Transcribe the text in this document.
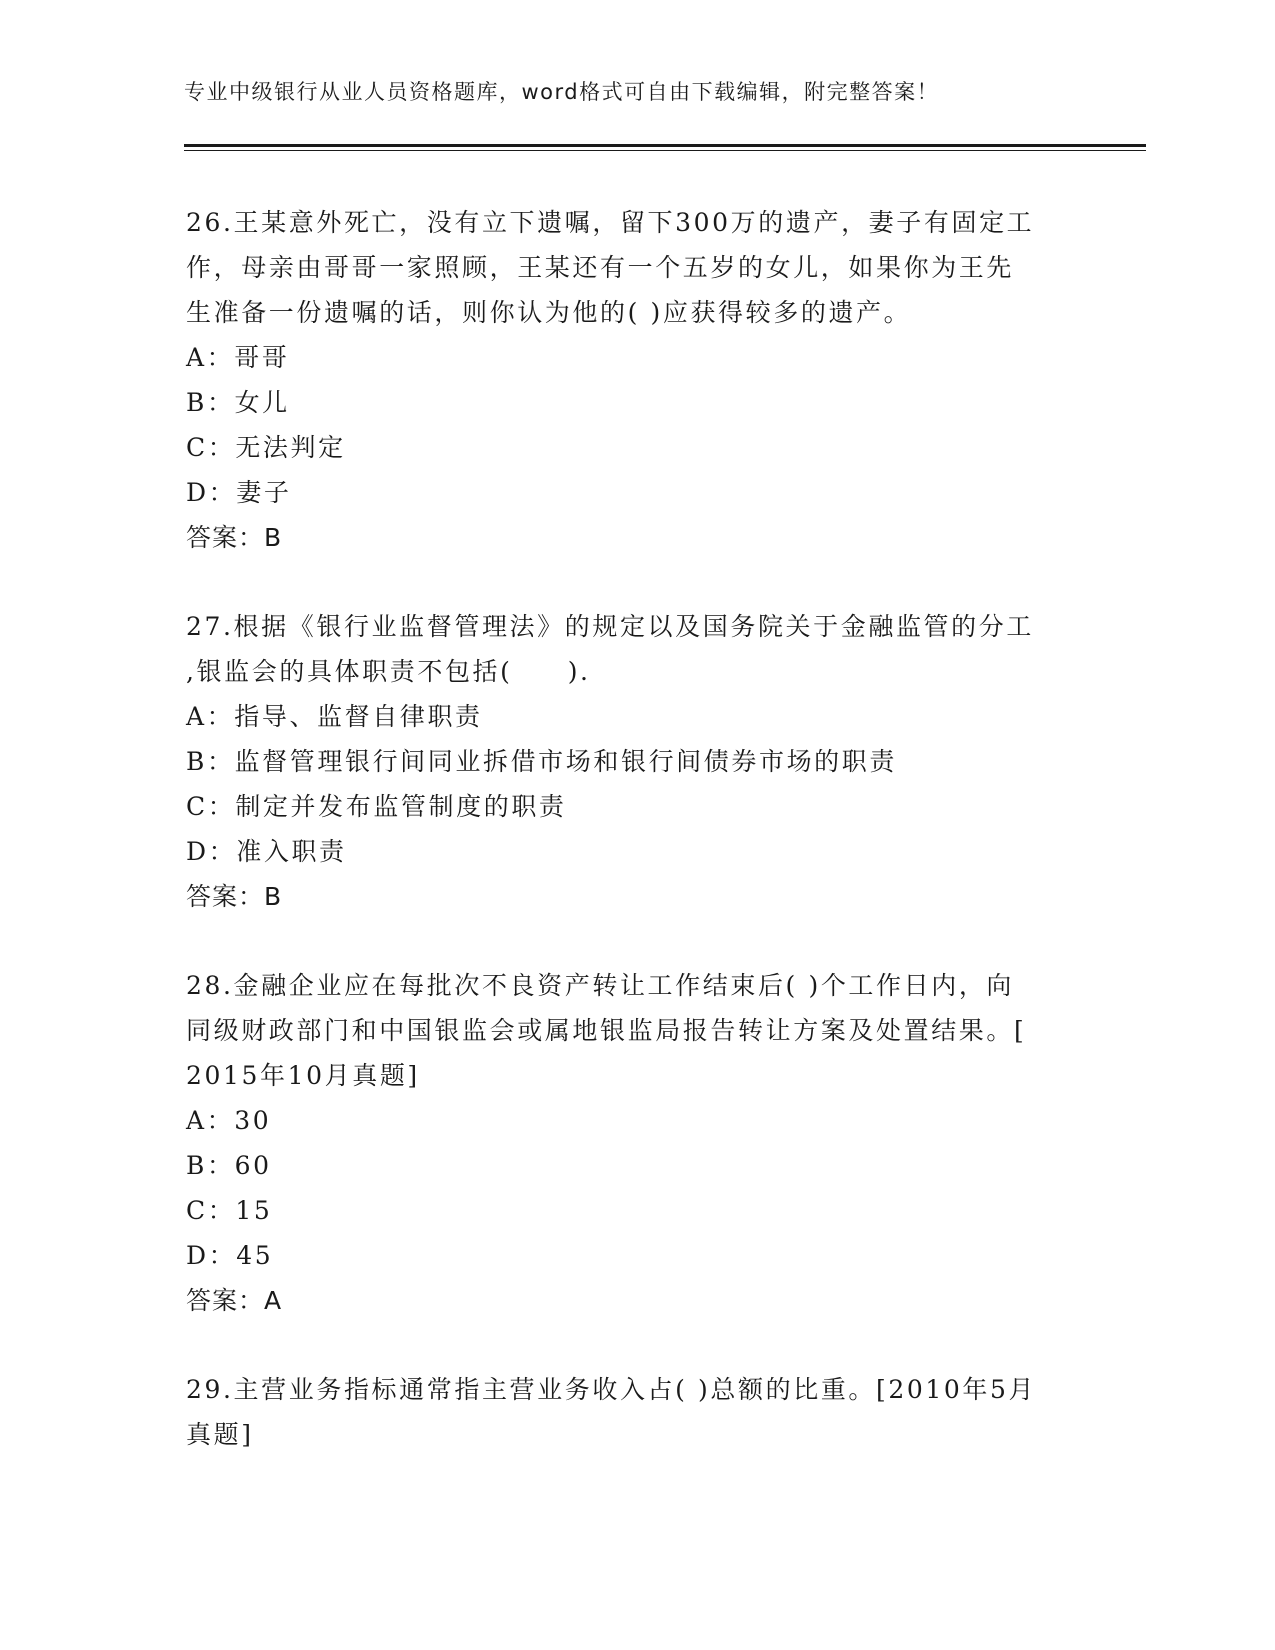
专业中级银行从业人员资格题库，word格式可自由下载编辑，附完整答案！

26.王某意外死亡，没有立下遗嘱，留下300万的遗产，妻子有固定工

作，母亲由哥哥一家照顾，王某还有一个五岁的女儿，如果你为王先

生准备一份遗嘱的话，则你认为他的( )应获得较多的遗产。

A：哥哥

B：女儿

C：无法判定

D：妻子

答案：B

27.根据《银行业监督管理法》的规定以及国务院关于金融监管的分工

,银监会的具体职责不包括(　　).

A：指导、监督自律职责

B：监督管理银行间同业拆借市场和银行间债券市场的职责

C：制定并发布监管制度的职责

D：准入职责

答案：B

28.金融企业应在每批次不良资产转让工作结束后( )个工作日内，向

同级财政部门和中国银监会或属地银监局报告转让方案及处置结果。[

2015年10月真题]

A：30

B：60

C：15

D：45

答案：A

29.主营业务指标通常指主营业务收入占( )总额的比重。[2010年5月

真题]
